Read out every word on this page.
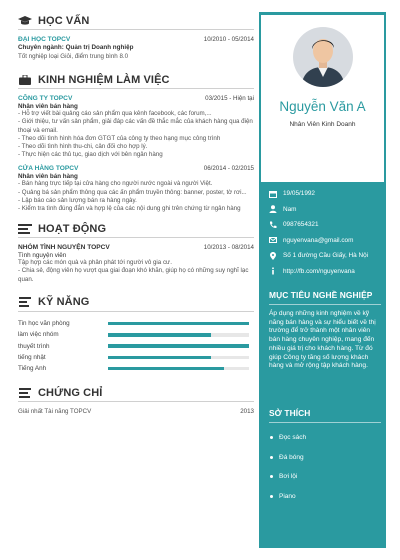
HỌC VẤN
ĐẠI HỌC TOPCV	10/2010 - 05/2014
Chuyên ngành: Quản trị Doanh nghiệp
Tốt nghiệp loại Giỏi, điểm trung bình 8.0
KINH NGHIỆM LÀM VIỆC
CÔNG TY TOPCV	03/2015 - Hiện tại
Nhân viên bán hàng
- Hỗ trợ viết bài quảng cáo sản phẩm qua kênh facebook, các forum,...
- Giới thiệu, tư vấn sản phẩm, giải đáp các vấn đề thắc mắc của khách hàng qua điện thoại và email.
- Theo dõi tình hình hóa đơn GTGT của công ty theo hạng mục công trình
- Theo dõi tình hình thu-chi, cân đối cho hợp lý.
- Thực hiện các thủ tục, giao dịch với bên ngân hàng
CỬA HÀNG TOPCV	06/2014 - 02/2015
Nhân viên bán hàng
- Bán hàng trực tiếp tại cửa hàng cho người nước ngoài và người Việt.
- Quảng bá sản phẩm thông qua các ấn phẩm truyền thông: banner, poster, tờ rơi...
- Lập báo cáo sản lượng bán ra hàng ngày.
- Kiểm tra tình đúng đắn và hợp lệ của các nội dung ghi trên chứng từ ngân hàng
HOẠT ĐỘNG
NHÓM TÌNH NGUYỆN TOPCV	10/2013 - 08/2014
Tình nguyện viên
Tập hợp các món quà và phân phát tới người vô gia cư.
- Chia sẻ, động viên họ vượt qua giai đoạn khó khăn, giúp họ có những suy nghĩ lạc quan.
KỸ NĂNG
Tin học văn phòng
làm việc nhóm
thuyết trình
tiếng nhật
Tiếng Anh
CHỨNG CHỈ
Giải nhất Tài năng TOPCV	2013
Nguyễn Văn A
Nhân Viên Kinh Doanh
19/05/1992
Nam
0987654321
nguyenvana@gmail.com
Số 1 đường Cầu Giấy, Hà Nội
http://fb.com/nguyenvana
MỤC TIÊU NGHỀ NGHIỆP
Áp dụng những kinh nghiệm về kỹ năng bán hàng và sự hiểu biết về thị trường để trở thành một nhân viên bán hàng chuyên nghiệp, mang đến nhiều giá trị cho khách hàng. Từ đó giúp Công ty tăng số lượng khách hàng và mở rộng tập khách hàng.
SỞ THÍCH
Đọc sách
Đá bóng
Bơi lội
Piano
